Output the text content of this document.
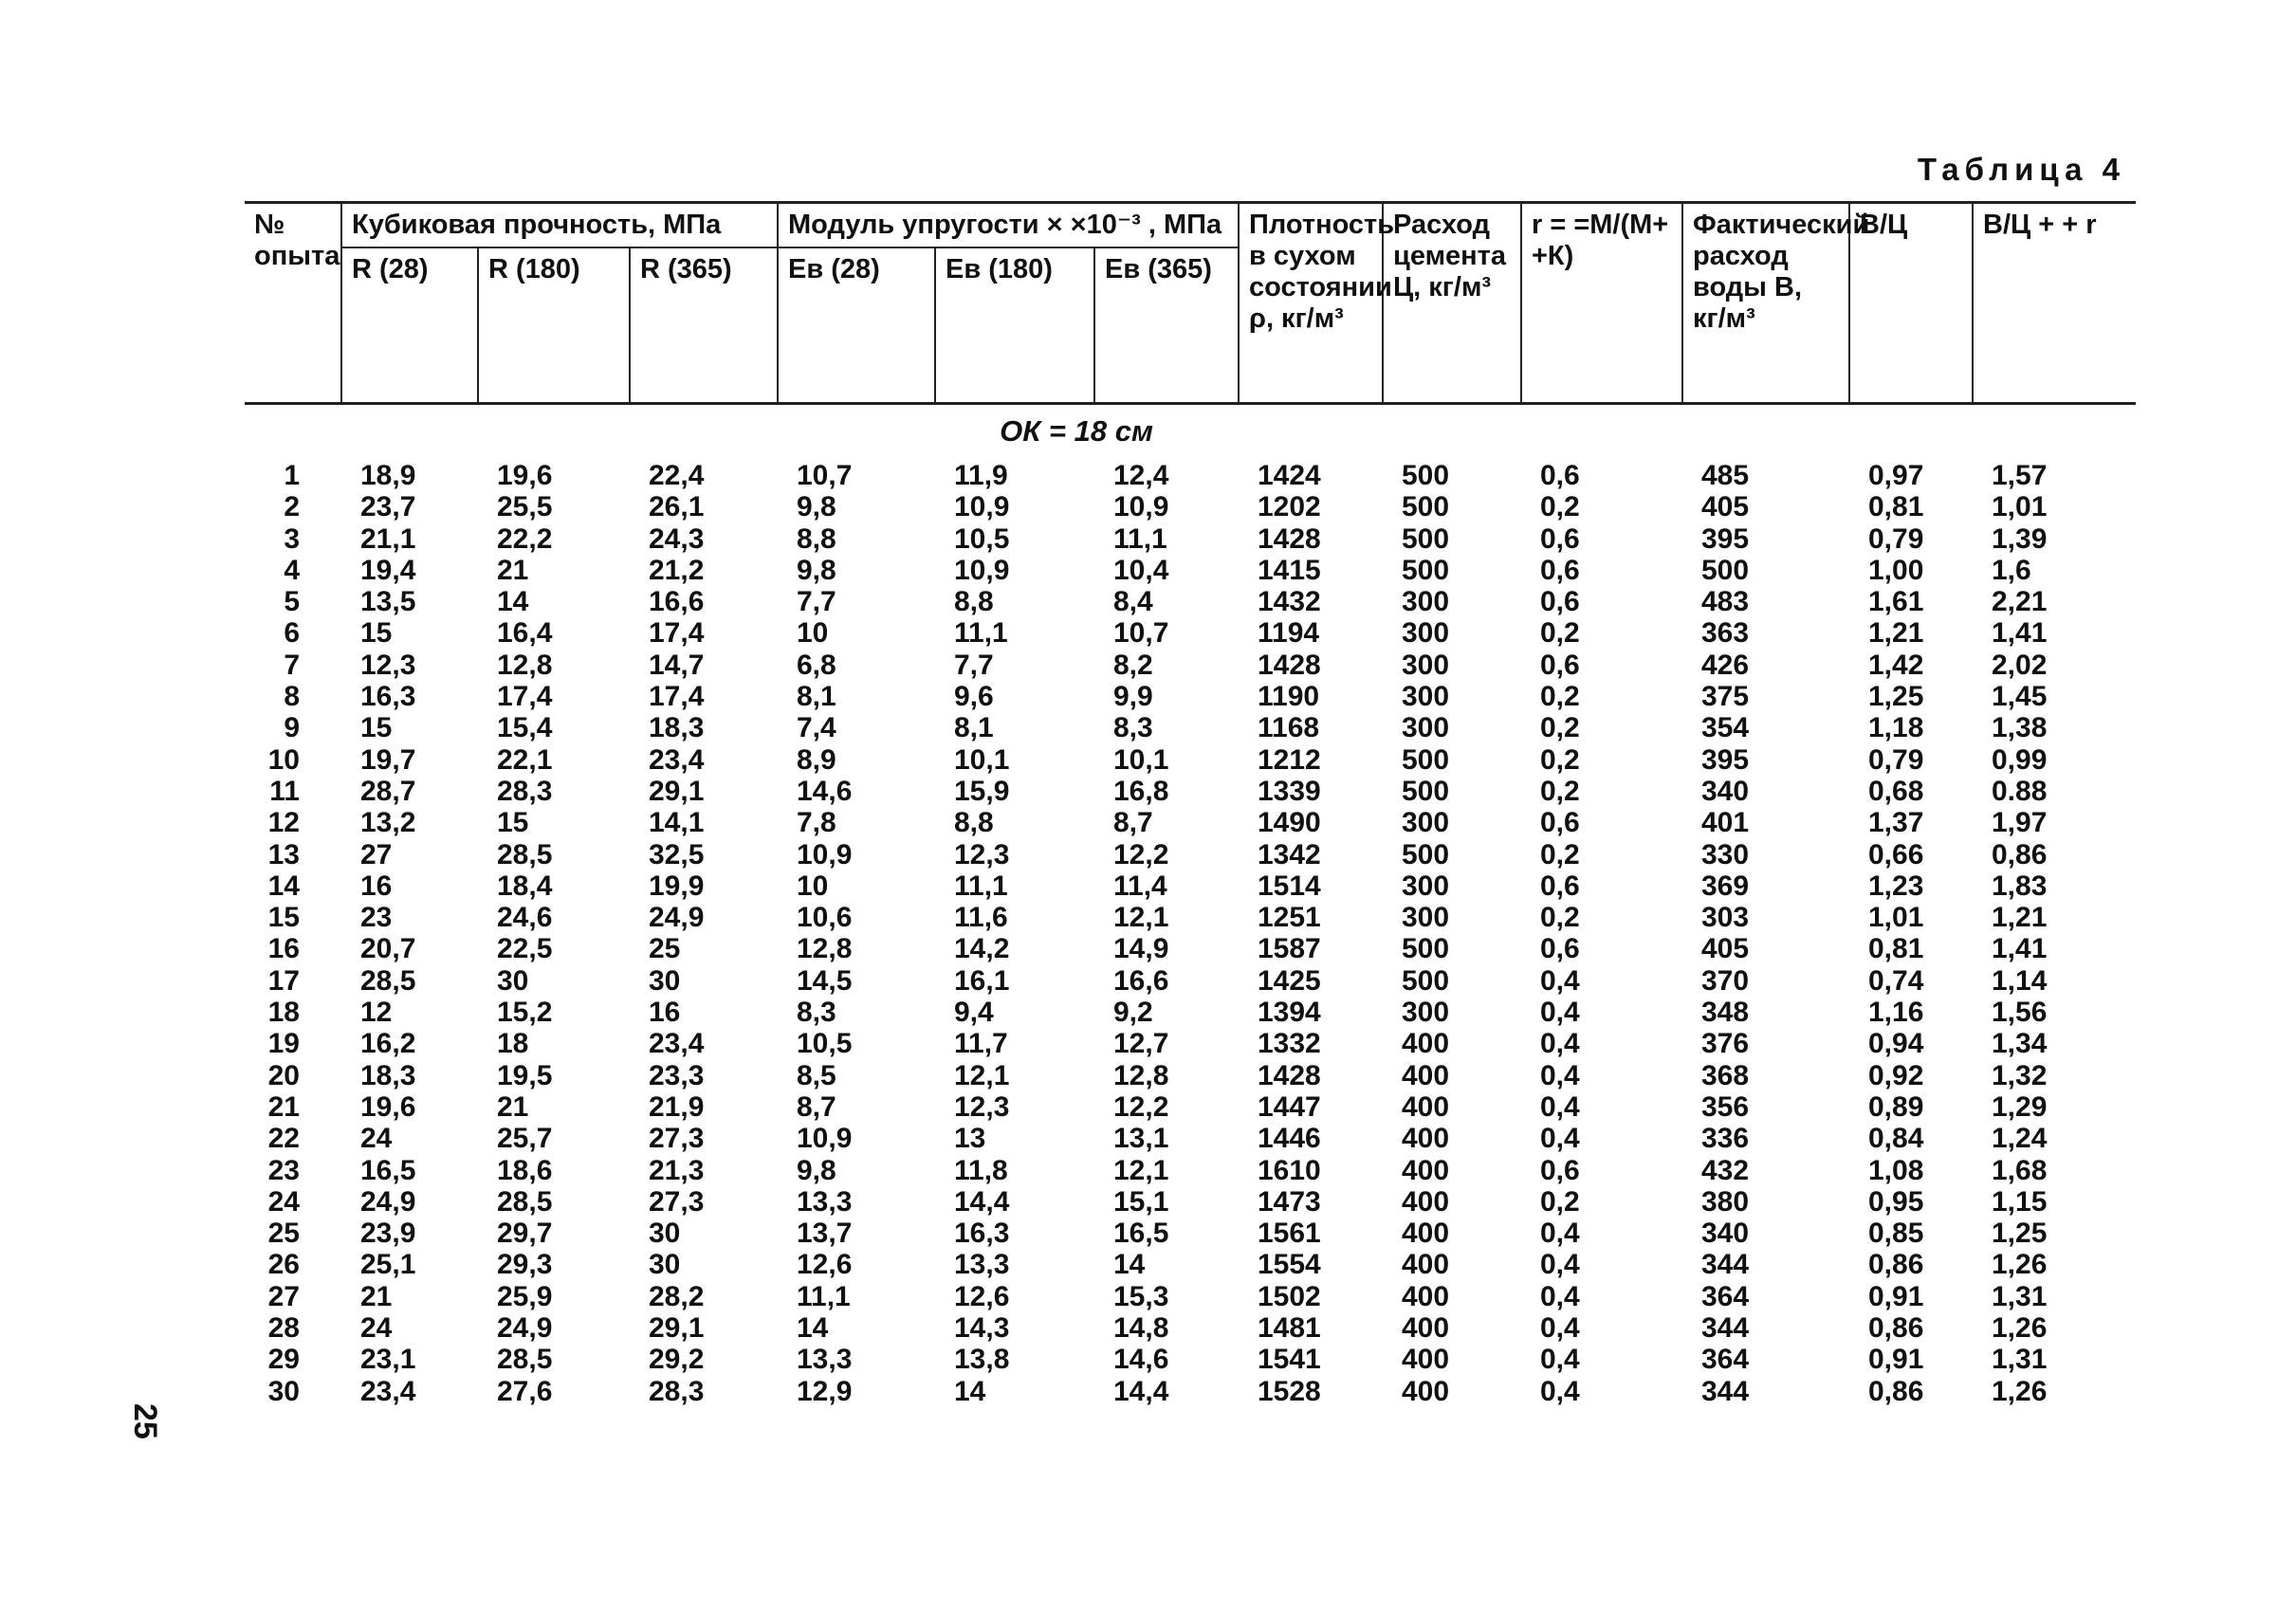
Таблица 4
25
№ опыта	Кубиковая прочность, МПа			Модуль упругости × ×10⁻³ , МПа			Плотность в сухом состоянии ρ, кг/м³	Расход цемента Ц, кг/м³	r = =М/(М+ +К)	Фактический расход воды В, кг/м³	В/Ц	В/Ц + + r
	R (28)	R (180)	R (365)	Eв (28)	Eв (180)	Eв (365)						
ОК = 18 см												
1	18,9	19,6	22,4	10,7	11,9	12,4	1424	500	0,6	485	0,97	1,57
2	23,7	25,5	26,1	9,8	10,9	10,9	1202	500	0,2	405	0,81	1,01
3	21,1	22,2	24,3	8,8	10,5	11,1	1428	500	0,6	395	0,79	1,39
4	19,4	21	21,2	9,8	10,9	10,4	1415	500	0,6	500	1,00	1,6
5	13,5	14	16,6	7,7	8,8	8,4	1432	300	0,6	483	1,61	2,21
6	15	16,4	17,4	10	11,1	10,7	1194	300	0,2	363	1,21	1,41
7	12,3	12,8	14,7	6,8	7,7	8,2	1428	300	0,6	426	1,42	2,02
8	16,3	17,4	17,4	8,1	9,6	9,9	1190	300	0,2	375	1,25	1,45
9	15	15,4	18,3	7,4	8,1	8,3	1168	300	0,2	354	1,18	1,38
10	19,7	22,1	23,4	8,9	10,1	10,1	1212	500	0,2	395	0,79	0,99
11	28,7	28,3	29,1	14,6	15,9	16,8	1339	500	0,2	340	0,68	0.88
12	13,2	15	14,1	7,8	8,8	8,7	1490	300	0,6	401	1,37	1,97
13	27	28,5	32,5	10,9	12,3	12,2	1342	500	0,2	330	0,66	0,86
14	16	18,4	19,9	10	11,1	11,4	1514	300	0,6	369	1,23	1,83
15	23	24,6	24,9	10,6	11,6	12,1	1251	300	0,2	303	1,01	1,21
16	20,7	22,5	25	12,8	14,2	14,9	1587	500	0,6	405	0,81	1,41
17	28,5	30	30	14,5	16,1	16,6	1425	500	0,4	370	0,74	1,14
18	12	15,2	16	8,3	9,4	9,2	1394	300	0,4	348	1,16	1,56
19	16,2	18	23,4	10,5	11,7	12,7	1332	400	0,4	376	0,94	1,34
20	18,3	19,5	23,3	8,5	12,1	12,8	1428	400	0,4	368	0,92	1,32
21	19,6	21	21,9	8,7	12,3	12,2	1447	400	0,4	356	0,89	1,29
22	24	25,7	27,3	10,9	13	13,1	1446	400	0,4	336	0,84	1,24
23	16,5	18,6	21,3	9,8	11,8	12,1	1610	400	0,6	432	1,08	1,68
24	24,9	28,5	27,3	13,3	14,4	15,1	1473	400	0,2	380	0,95	1,15
25	23,9	29,7	30	13,7	16,3	16,5	1561	400	0,4	340	0,85	1,25
26	25,1	29,3	30	12,6	13,3	14	1554	400	0,4	344	0,86	1,26
27	21	25,9	28,2	11,1	12,6	15,3	1502	400	0,4	364	0,91	1,31
28	24	24,9	29,1	14	14,3	14,8	1481	400	0,4	344	0,86	1,26
29	23,1	28,5	29,2	13,3	13,8	14,6	1541	400	0,4	364	0,91	1,31
30	23,4	27,6	28,3	12,9	14	14,4	1528	400	0,4	344	0,86	1,26
